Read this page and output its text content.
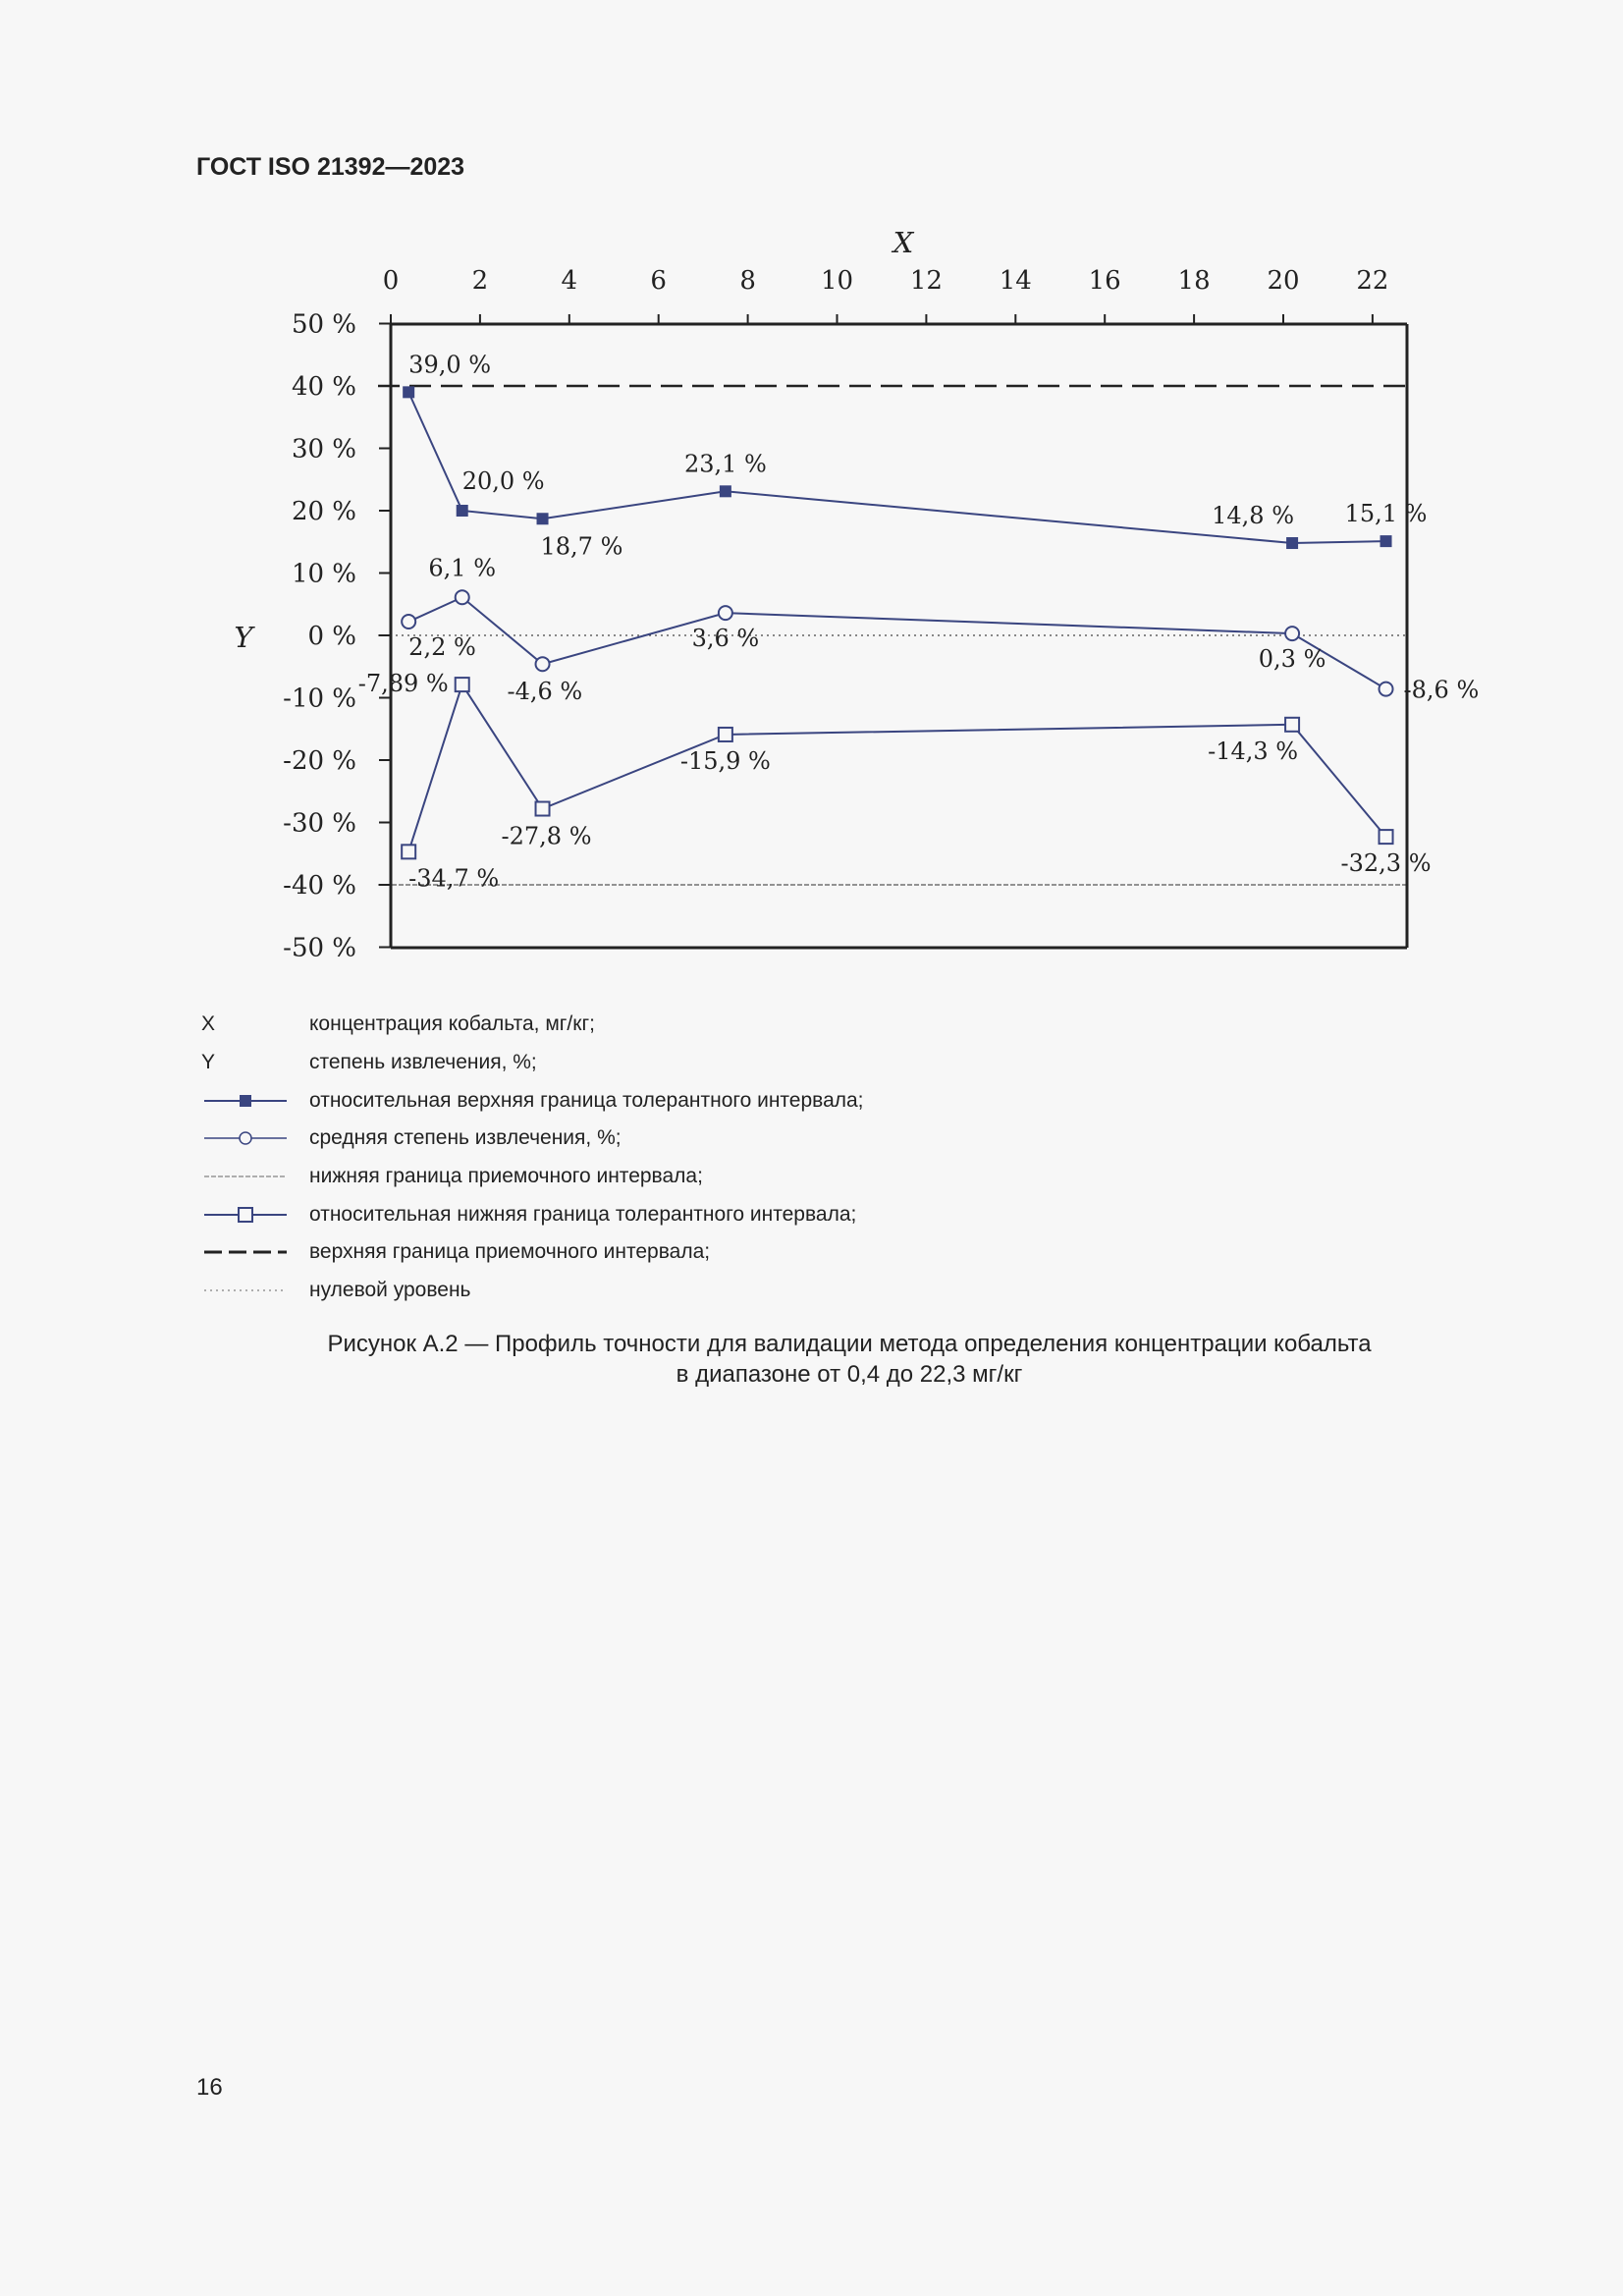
ГОСТ ISO 21392—2023
0	2	4	6	8	10 12 14 16 18 20 22
50 %
40 %
30 %
20 %
10 %
0 %
-10 %
-20 %
-30 %
-40 %
-50 %
X
Y
39,0 %
20,0 %
18,7 %
23,1 %
14,8 % 15,1 %
2,2 %
6,1 %
-4,6 %
3,6 %
0,3 %
-8,6 %
-34,7 %
-7,89 %
-27,8 %
-15,9 %	-14,3 %
-32,3 %
X	концентрация кобальта, мг/кг;
Y	степень извлечения, %;
относительная верхняя граница толерантного интервала;
средняя степень извлечения, %;
нижняя граница приемочного интервала;
относительная нижняя граница толерантного интервала;
верхняя граница приемочного интервала;
нулевой уровень
Рисунок А.2 — Профиль точности для валидации метода определения концентрации кобальта
в диапазоне от 0,4 до 22,3 мг/кг
16
